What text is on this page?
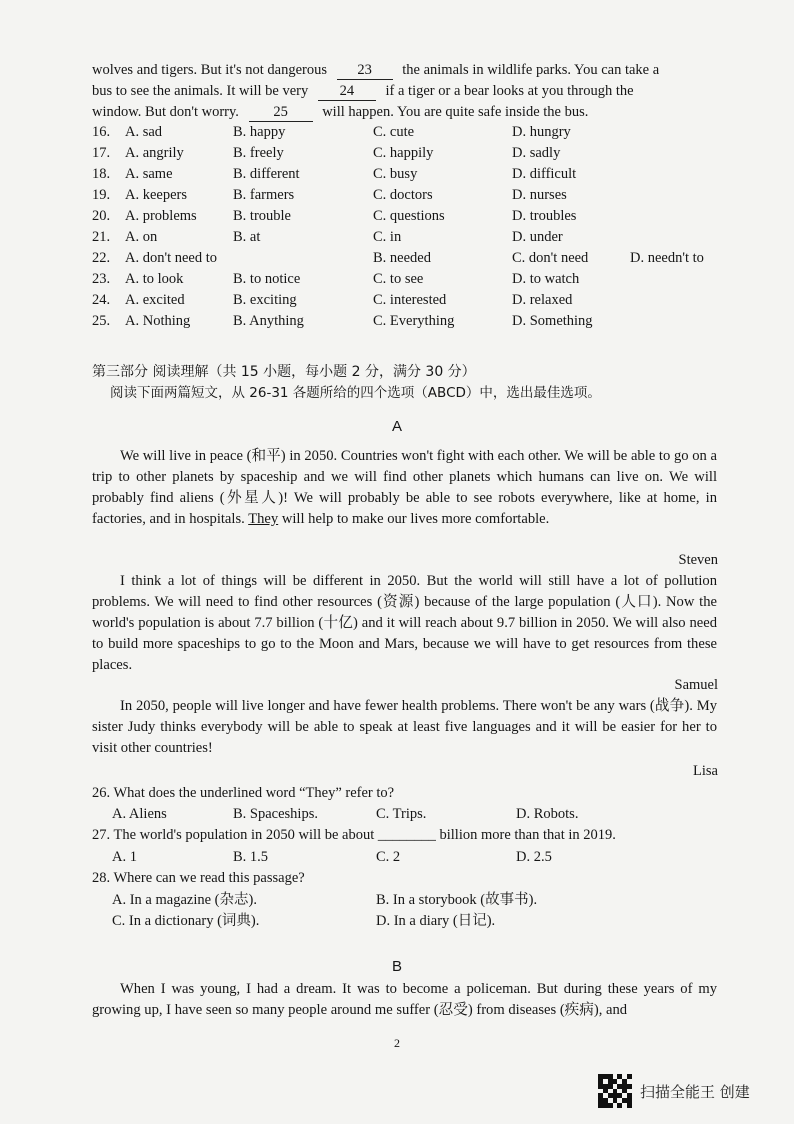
wolves and tigers. But it's not dangerous 23 the animals in wildlife parks. You can take a
bus to see the animals. It will be very 24 if a tiger or a bear looks at you through the
window. But don't worry. 25 will happen. You are quite safe inside the bus.
16. A. sad	B. happy	C. cute	D. hungry
17. A. angrily	B. freely	C. happily	D. sadly
18. A. same	B. different	C. busy	D. difficult
19. A. keepers	B. farmers	C. doctors	D. nurses
20. A. problems	B. trouble	C. questions	D. troubles
21. A. on	B. at	C. in	D. under
22. A. don't need to	B. needed	C. don't need	D. needn't to
23. A. to look	B. to notice	C. to see	D. to watch
24. A. excited	B. exciting	C. interested	D. relaxed
25. A. Nothing	B. Anything	C. Everything	D. Something
第三部分 阅读理解（共 15 小题，每小题 2 分，满分 30 分）
阅读下面两篇短文，从 26-31 各题所给的四个选项（ABCD）中，选出最佳选项。
A

We will live in peace (和平) in 2050. Countries won't fight with each other. We will be able to go on a trip to other planets by spaceship and we will find other planets which humans can live on. We will probably find aliens (外星人)! We will probably be able to see robots everywhere, like at home, in factories, and in hospitals. They will help to make our lives more comfortable.

Steven

I think a lot of things will be different in 2050. But the world will still have a lot of pollution problems. We will need to find other resources (资源) because of the large population (人口). Now the world's population is about 7.7 billion (十亿) and it will reach about 9.7 billion in 2050. We will also need to build more spaceships to go to the Moon and Mars, because we will have to get resources from these places.

Samuel

In 2050, people will live longer and have fewer health problems. There won't be any wars (战争). My sister Judy thinks everybody will be able to speak at least five languages and it will be easier for her to visit other countries!

Lisa
26. What does the underlined word “They” refer to?
A. Aliens	B. Spaceships.	C. Trips.	D. Robots.
27. The world's population in 2050 will be about ________ billion more than that in 2019.
A. 1	B. 1.5	C. 2	D. 2.5
28. Where can we read this passage?
A. In a magazine (杂志).	B. In a storybook (故事书).
C. In a dictionary (词典).	D. In a diary (日记).
B

When I was young, I had a dream. It was to become a policeman. But during these years of my growing up, I have seen so many people around me suffer (忍受) from diseases (疾病), and

2
扫描全能王 创建
